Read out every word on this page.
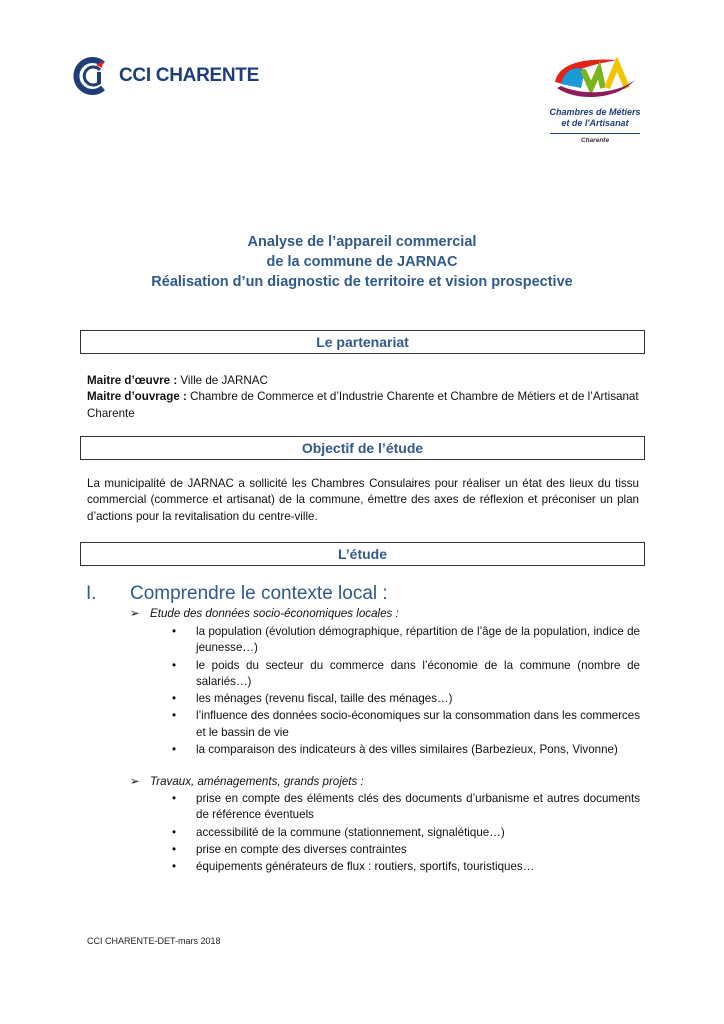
CCI CHARENTE
Chambres de Métiers
et de l'Artisanat
Charente
Analyse de l’appareil commercial
de la commune de JARNAC
Réalisation d’un diagnostic de territoire et vision prospective
Le partenariat
Maitre d’œuvre : Ville de JARNAC
Maitre d’ouvrage : Chambre de Commerce et d’Industrie Charente et Chambre de Métiers et de l’Artisanat Charente
Objectif de l’étude
La municipalité de JARNAC a sollicité les Chambres Consulaires pour réaliser un état des lieux du tissu commercial (commerce et artisanat) de la commune, émettre des axes de réflexion et préconiser un plan d’actions pour la revitalisation du centre-ville.
L’étude
I. Comprendre le contexte local :
➢ Etude des données socio-économiques locales :
• la population (évolution démographique, répartition de l’âge de la population, indice de jeunesse…)
• le poids du secteur du commerce dans l’économie de la commune (nombre de salariés…)
• les ménages (revenu fiscal, taille des ménages…)
• l’influence des données socio-économiques sur la consommation dans les commerces et le bassin de vie
• la comparaison des indicateurs à des villes similaires (Barbezieux, Pons, Vivonne)
➢ Travaux, aménagements, grands projets :
• prise en compte des éléments clés des documents d’urbanisme et autres documents de référence éventuels
• accessibilité de la commune (stationnement, signalétique…)
• prise en compte des diverses contraintes
• équipements générateurs de flux : routiers, sportifs, touristiques…
CCI CHARENTE-DET-mars 2018
